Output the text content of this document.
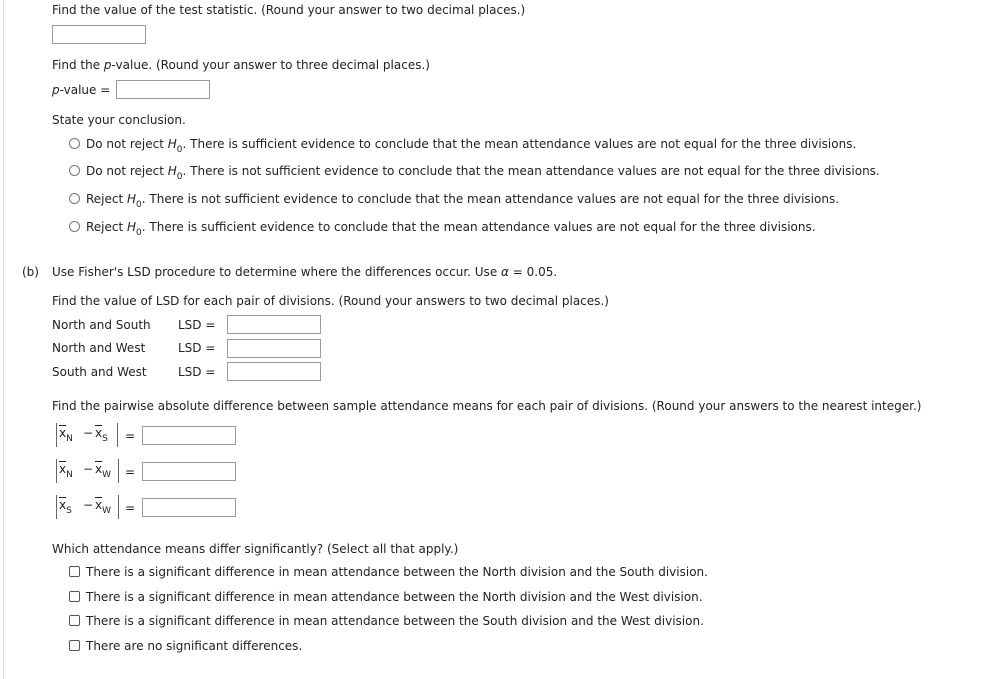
Find the value of the test statistic. (Round your answer to two decimal places.)
Find the p-value. (Round your answer to three decimal places.)
p-value =
State your conclusion.
Do not reject $H_0$. There is sufficient evidence to conclude that the mean attendance values are not equal for the three divisions.
Do not reject $H_0$. There is not sufficient evidence to conclude that the mean attendance values are not equal for the three divisions.
Reject $H_0$. There is not sufficient evidence to conclude that the mean attendance values are not equal for the three divisions.
Reject $H_0$. There is sufficient evidence to conclude that the mean attendance values are not equal for the three divisions.
(b) Use Fisher's LSD procedure to determine where the differences occur. Use α = 0.05.
Find the value of LSD for each pair of divisions. (Round your answers to two decimal places.)
North and South LSD =
North and West	LSD =
South and West	LSD =
Find the pairwise absolute difference between sample attendance means for each pair of divisions. (Round your answers to the nearest integer.)
$\overline{x}_N - \overline{x}_S$ =
$\overline{x}_N - \overline{x}_W$ =
$\overline{x}_S - \overline{x}_W$ =
Which attendance means differ significantly? (Select all that apply.)
There is a significant difference in mean attendance between the North division and the South division.
There is a significant difference in mean attendance between the North division and the West division.
There is a significant difference in mean attendance between the South division and the West division.
There are no significant differences.
